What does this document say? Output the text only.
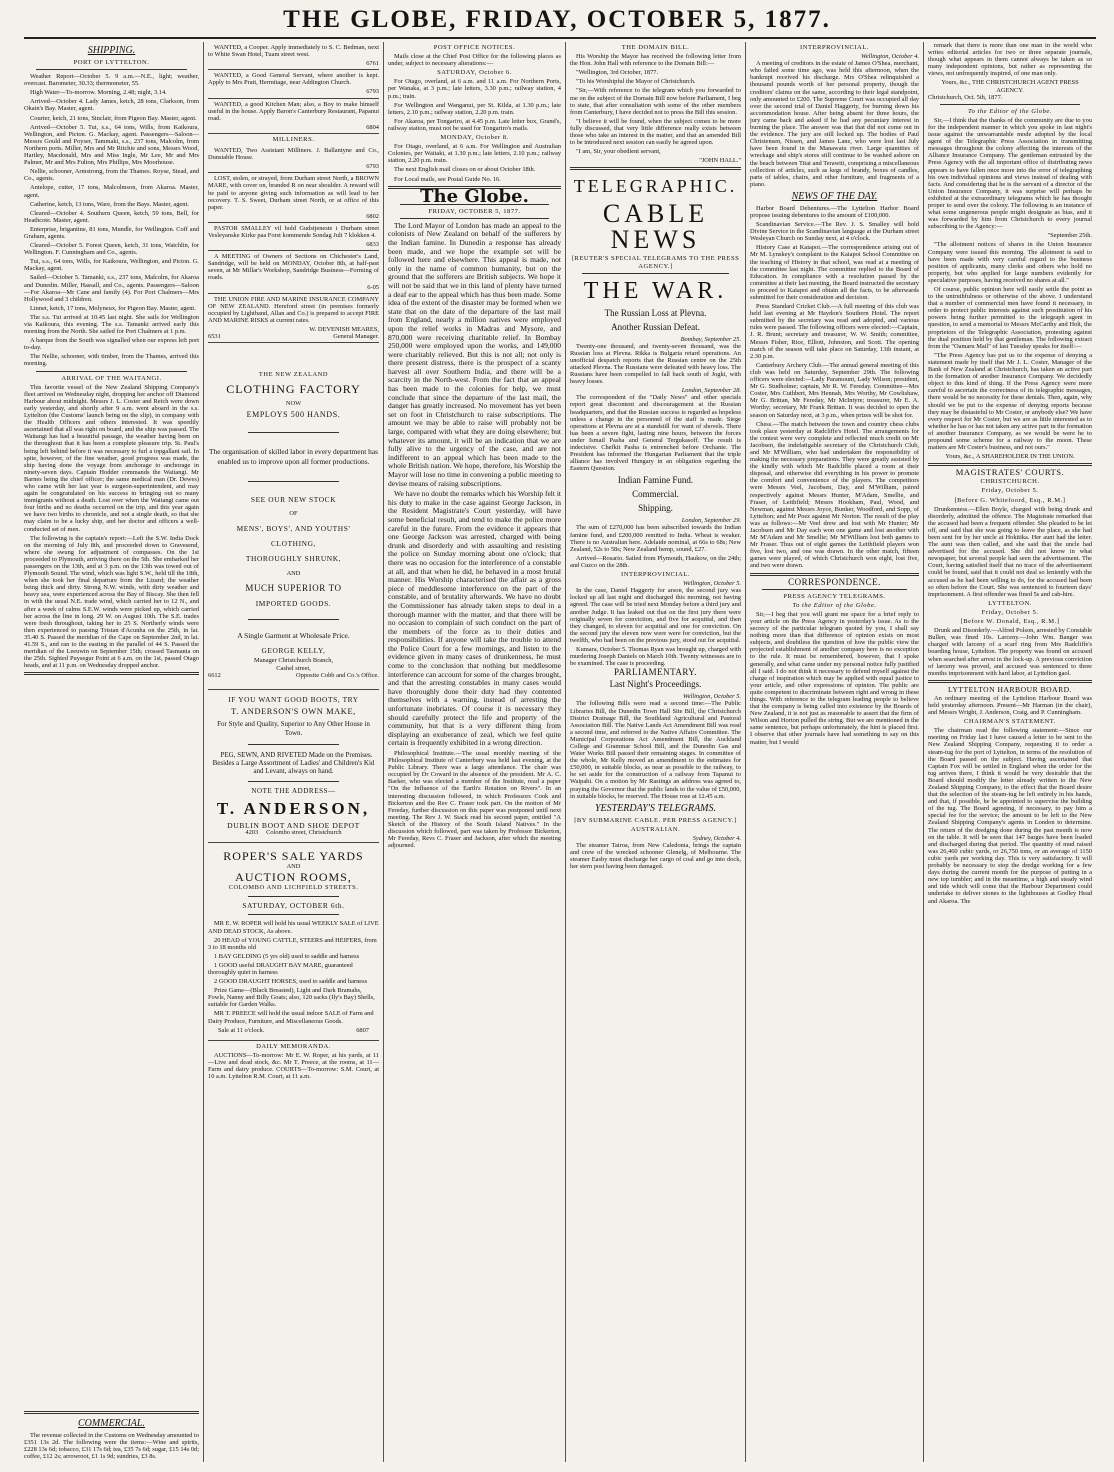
THE GLOBE, FRIDAY, OCTOBER 5, 1877.
SHIPPING.
PORT OF LYTTELTON.

Weather Report—October 5. 9 a.m.—N.E., light; weather, overcast. Barometer, 30.33; thermometer, 55.

High Water—To-morrow. Morning, 2.48; night, 3.14.

Arrived—October 4. Lady James, ketch, 28 tons, Clarkson, from Okain's Bay. Master, agent.

Courier, ketch, 21 tons, Sinclair, from Pigeon Bay. Master, agent.

Arrived—October 5. Tui, s.s., 64 tons, Wills, from Kaikoura, Wellington, and Picton. G. Mackay, agent. Passengers—Saloon—Messrs Gould and Poyser, Tammaki, s.s., 237 tons, Malcolm, from Northern ports. Miller, Mrs and Mr Ritchie and sons, Messrs Wood, Hartley, Macdonald, Mrs and Miss Ingle, Mr Lee, Mr and Mrs Palmer, Mr and Mrs Fulton, Mrs Phillips, Mrs Moorhouse.

Nellie, schooner, Armstrong, from the Thames. Royse, Stead, and Co., agents.

Antelope, cutter, 17 tons, Malcolmson, from Akaroa. Master, agent.

Catherine, ketch, 13 tons, Ware, from the Bays. Master, agent.

Cleared—October 4. Southern Queen, ketch, 59 tons, Bell, for Heathcote. Master, agent.

Enterprise, brigantine, 81 tons, Mundle, for Wellington. Coff and Graham, agents.

Cleared—October 5. Forest Queen, ketch, 31 tons, Watchlin, for Wellington. F. Cunningham and Co., agents.

Tui, s.s., 64 tons, Wills, for Kaikoura, Wellington, and Picton. G. Mackay, agent.

Sailed—October 5. Tamanki, s.s., 237 tons, Malcolm, for Akaroa and Dunedin. Miller, Hassall, and Co., agents. Passengers—Saloon—For Akaroa—Mr Cane and family (4). For Port Chalmers—Mrs Hollywood and 3 children.

Linnet, ketch, 17 tons, Molyneux, for Pigeon Bay. Master, agent.

The s.s. Tui arrived at 10.45 last night. She sails for Wellington via Kaikoura, this evening. The s.s. Tamanki arrived early this morning from the North. She sailed for Port Chalmers at 1 p.m.

A barque from the South was signalled when our express left port to-day.

The Nellie, schooner, with timber, from the Thames, arrived this morning.

ARRIVAL OF THE WAITANGI.

This favorite vessel of the New Zealand Shipping Company's fleet arrived on Wednesday night, dropping her anchor off Diamond Harbour about midnight. Messrs J. L. Coster and Reich were down early yesterday, and shortly after 9 a.m. went aboard in the s.s. Lyttelton (the Customs' launch being on the slip), in company with the Health Officers and others interested. It was speedily ascertained that all was right on board, and the ship was passed. The Waitangi has had a beautiful passage, the weather having been on the throughout that it has been a complete pleasure trip. St. Paul's being left behind before it was necessary to furl a topgallant sail. In spite, however, of the fine weather, good progress was made, the ship having done the voyage from anchorage to anchorage in ninety-seven days. Captain Hodder commands the Waitangi. Mr Barnes being the chief officer; the same medical man (Dr. Dewes) who came with her last year is surgeon-superintendent, and may again be congratulated on his success in bringing out so many immigrants without a death. Lost over when the Waitangi came out four births and no deaths occurred on the trip, and this year again we have two births to chronicle, and not a single death, so that she may claim to be a lucky ship, and her doctor and officers a well-conducted set of men.

The following is the captain's report:—Left the S.W. India Dock on the morning of July 8th, and proceeded down to Gravesend, where she swung for adjustment of compasses. On the 1st proceeded to Plymouth, arriving there on the 5th. She embarked her passengers on the 13th, and at 3 p.m. on the 13th was towed out of Plymouth Sound. The wind, which was light S.W., held till the 18th, when she took her final departure from the Lizard; the weather being thick and dirty. Strong N.W. winds, with dirty weather and heavy sea, were experienced across the Bay of Biscay. She then fell in with the usual N.E. trade wind, which carried her to 12 N., and after a week of calms S.E.W. winds were picked up, which carried her across the line in long. 29 W. on August 10th. The S.E. trades were fresh throughout, taking her to 25 S. Northerly winds were then experienced to passing Tristan d'Acunha on the 25th, in lat. 35.40 S. Passed the meridian of the Cape on September 2nd, in lat. 41.59 S., and ran to the easting in the parallel of 44 S. Passed the meridian of the Leeuwin on September 15th; crossed Tasmania on the 25th. Sighted Puysegur Point at 6 a.m. on the 1st, passed Otago heads, and at 11 p.m. on Wednesday dropped anchor.

COMMERCIAL.

The revenue collected in the Customs on Wednesday amounted to £351 13s 2d. The following were the items:—Wine and spirits, £228 13s 6d; tobacco, £31 17s 6d; tea, £35 7s 6d; sugar, £15 14s 0d; coffee, £12 2s; arrowroot, £1 1s 9d; sundries, £3 8s.

WANTED, a Cooper. Apply immediately to S. C. Bedman, next to White Swan Hotel, Tuam street west.

6761

WANTED, a Good General Servant, where another is kept. Apply to Mrs Pratt, Hermitage, near Addington Church.

6793

WANTED, a good Kitchen Man; also, a Boy to make himself useful in the house. Apply Baron's Canterbury Restaurant, Papanui road.

6804
MILLINERS.

WANTED, Two Assistant Milliners. J. Ballantyne and Co., Dunstable House.

6793

LOST, stolen, or strayed, from Durham street North, a BROWN MARE, with cover on, branded R on near shoulder. A reward will be paid to anyone giving such information as will lead to her recovery. T. S. Sweet, Durham street North, or at office of this paper.

6802

PASTOR SMALLEY vil hold Gudstjeneste i Durham street Vesleyanske Kirke paa Forst kommende Sondag Juli 7 klokken 4.

6833

A MEETING of Owners of Sections on Chichester's Land, Sandridge, will be held on MONDAY, October 8th, at half-past seven, at Mr Millar's Workshop, Sandridge Business—Forming of roads.

6-05

THE UNION FIRE AND MARINE INSURANCE COMPANY OF NEW ZEALAND. Hereford street (in premises formerly occupied by Lightband, Allan and Co.) is prepared to accept FIRE AND MARINE RISKS at current rates.

W. DEVENISH MEARES,
6531	General Manager.
THE NEW ZEALAND
CLOTHING FACTORY
NOW
EMPLOYS 500 HANDS.

The organisation of skilled labor in every department has enabled us to improve upon all former productions.

SEE OUR NEW STOCK
OF
MENS', BOYS', AND YOUTHS'
CLOTHING,
THOROUGHLY SHRUNK,
AND
MUCH SUPERIOR TO
IMPORTED GOODS.
A Single Garment at Wholesale Price.
GEORGE KELLY,
Manager Christchurch Branch,
Cashel street,
6612	Opposite Cobb and Co.'s Office.
IF YOU WANT GOOD BOOTS, TRY
T. ANDERSON'S OWN MAKE,

For Style and Quality, Superior to Any Other House in Town.

PEG, SEWN, AND RIVETED Made on the Premises. Besides a Large Assortment of Ladies' and Children's Kid and Levant, always on hand.

NOTE THE ADDRESS—
T. ANDERSON,
DUBLIN BOOT AND SHOE DEPOT
4203 Colombo street, Christchurch
ROPER'S SALE YARDS
AND
AUCTION ROOMS,
COLOMBO AND LICHFIELD STREETS.
SATURDAY, OCTOBER 6th.

MR E. W. ROPER will hold his usual WEEKLY SALE of LIVE AND DEAD STOCK, As above.

20 HEAD of YOUNG CATTLE, STEERS and HEIFERS, from 3 to 18 months old

1 BAY GELDING (5 yrs old) used to saddle and harness

1 GOOD useful DRAUGHT BAY MARE, guaranteed thoroughly quiet in harness

2 GOOD DRAUGHT HORSES, used to saddle and harness

Prize Game—(Black Breasted), Light and Dark Bramahs, Fowls, Nanny and Billy Goats; also, 120 sacks (Ily's Bay) Shells, suitable for Garden Walks.

MR T. PREECE will hold the usual indoor SALE of Farm and Dairy Produce, Furniture, and Miscellaneous Goods.

Sale at 11 o'clock.	6807
DAILY MEMORANDA.

AUCTIONS—To-morrow: Mr E. W. Roper, at his yards, at 11—Live and dead stock, &c. Mr T. Preece, at the rooms, at 11—Farm and dairy produce. COURTS—To-morrow: S.M. Court, at 10 a.m. Lyttelton R.M. Court, at 11 a.m.

POST OFFICE NOTICES.

Mails close at the Chief Post Office for the following places as under, subject to necessary alterations:—

SATURDAY, October 6.

For Otago, overland, at 6 a.m. and 11 a.m. For Northern Ports, per Wanaka, at 3 p.m.; late letters, 3.30 p.m.; railway station, 4 p.m.; train.

For Wellington and Wanganui, per St. Kilda, at 1.30 p.m.; late letters, 2.10 p.m.; railway station, 2.20 p.m. train.

For Akaroa, per Tongariro, at 4.45 p.m. Late letter box, Grand's, railway station, must not be used for Tongariro's mails.

MONDAY, October 8.

For Otago, overland, at 6 a.m. For Wellington and Australian Colonies, per Waitaki, at 1.30 p.m.; late letters, 2.10 p.m.; railway station, 2.20 p.m. train.

The next English mail closes on or about October 18th.

For Local mails, see Postal Guide No. 16.

The Globe.
FRIDAY, OCTOBER 5, 1877.

The Lord Mayor of London has made an appeal to the colonists of New Zealand on behalf of the sufferers by the Indian famine. In Dunedin a response has already been made, and we hope the example set will be followed here and elsewhere. This appeal is made, not only in the name of common humanity, but on the ground that the sufferers are British subjects. We hope it will not be said that we in this land of plenty have turned a deaf ear to the appeal which has thus been made. Some idea of the extent of the disaster may be formed when we state that on the date of the departure of the last mail from England, nearly a million natives were employed upon the relief works in Madras and Mysore, and 870,000 were receiving charitable relief. In Bombay 250,000 were employed upon the works, and 149,000 were charitably relieved. But this is not all; not only is there present distress, there is the prospect of a scanty harvest all over Southern India, and there will be a scarcity in the North-west. From the fact that an appeal has been made to the colonies for help, we must conclude that since the departure of the last mail, the danger has greatly increased. No movement has yet been set on foot in Christchurch to raise subscriptions. The amount we may be able to raise will probably not be large, compared with what they are doing elsewhere; but whatever its amount, it will be an indication that we are fully alive to the urgency of the case, and are not indifferent to an appeal which has been made to the whole British nation. We hope, therefore, his Worship the Mayor will lose no time in convening a public meeting to devise means of raising subscriptions.

We have no doubt the remarks which his Worship felt it his duty to make in the case against George Jackson, in the Resident Magistrate's Court yesterday, will have some beneficial result, and tend to make the police more careful in the future. From the evidence it appears that one George Jackson was arrested, charged with being drunk and disorderly and with assaulting and resisting the police on Sunday morning about one o'clock; that there was no occasion for the interference of a constable at all, and that when he did, he behaved in a most brutal manner. His Worship characterised the affair as a gross piece of meddlesome interference on the part of the constable, and of brutality afterwards. We have no doubt the Commissioner has already taken steps to deal in a thorough manner with the matter, and that there will be no occasion to complain of such conduct on the part of the members of the force as to their duties and responsibilities. If anyone will take the trouble to attend the Police Court for a few mornings, and listen to the evidence given in many cases of drunkenness, he must come to the conclusion that nothing but meddlesome interference can account for some of the charges brought, and that the arresting constables in many cases would have thoroughly done their duty had they contented themselves with a warning, instead of arresting the unfortunate inebriates. Of course it is necessary they should carefully protect the life and property of the community, but that is a very different thing from displaying an exuberance of zeal, which we feel quite certain is frequently exhibited in a wrong direction.

Philosophical Institute.—The usual monthly meeting of the Philosophical Institute of Canterbury was held last evening, at the Public Library. There was a large attendance. The chair was occupied by Dr Coward in the absence of the president. Mr A. C. Barker, who was elected a member of the Institute, read a paper "On the Influence of the Earth's Rotation on Rivers". In an interesting discussion followed, in which Professors Cook and Bickerton and the Rev C. Fraser took part. On the motion of Mr Fereday, further discussion on this paper was postponed until next meeting. The Rev J. W. Stack read his second paper, entitled "A Sketch of the History of the South Island Natives." In the discussion which followed, part was taken by Professor Bickerton, Mr Fereday, Revs C. Fraser and Jackson, after which the meeting adjourned.

THE DOMAIN BILL.

His Worship the Mayor has received the following letter from the Hon. John Hall with reference to the Domain Bill:—

"Wellington, 3rd October, 1877.

"To his Worshipful the Mayor of Christchurch.

"Sir,—With reference to the telegram which you forwarded to me on the subject of the Domain Bill now before Parliament, I beg to state, that after consultation with some of the other members from Canterbury, I have decided not to press the Bill this session.

"I believe it will be found, when the subject comes to be more fully discussed, that very little difference really exists between those who take an interest in the matter, and that an amended Bill to be introduced next session can easily be agreed upon.

"I am, Sir, your obedient servant,

"JOHN HALL."
TELEGRAPHIC.
CABLE NEWS
[REUTER'S SPECIAL TELEGRAMS TO THE PRESS AGENCY.]
THE WAR.
The Russian Loss at Plevna.
Another Russian Defeat.
Bombay, September 25.

Twenty-one thousand, and twenty-seven thousand, was the Russian loss at Plevna. Rikka is Bulgaria retard operations. An unofficial despatch reports that the Russian centre on the 25th attacked Plevna. The Russians were defeated with heavy loss. The Russians have been compelled to fall back south of Jogki, with heavy losses.

London, September 28.

The correspondent of the "Daily News" and other specials report great discontent and discouragement at the Russian headquarters, and that the Russian success is regarded as hopeless unless a change in the personnel of the staff is made. Siege operations at Plevna are at a standstill for want of shovels. There has been a severe fight, lasting nine hours, between the forces under Ismail Pasha and General Tergukasoff. The result is indecisive. Chefkit Pasha is entrenched before Orchanie. The President has informed the Hungarian Parliament that the triple alliance has involved Hungary in an obligation regarding the Eastern Question.

Indian Famine Fund.
Commercial.
Shipping.
London, September 29.

The sum of £270,000 has been subscribed towards the Indian famine fund, and £200,000 remitted to India. Wheat is weaker. There is no Australian here. Adelaide nominal, at 66s to 68s; New Zealand, 52s to 58s; New Zealand hemp, sound, £27.

Arrived—Rosario. Sailed from Plymouth, Haukow, on the 24th; and Cuzco on the 28th.

INTERPROVINCIAL.
Wellington, October 5.

In the case, Daniel Haggerty for arson, the second jury was locked up all last night and discharged this morning, not having agreed. The case will be tried next Monday before a third jury and another Judge. It has leaked out that on the first jury there were originally seven for conviction, and five for acquittal, and then they changed, to eleven for acquittal and one for conviction. On the second jury the eleven now were were for conviction, but the twelfth, who had been on the previous jury, stood out for acquittal.

Kumara, October 5. Thomas Ryan was brought up, charged with murdering Joseph Daniels on March 10th. Twenty witnesses are to be examined. The case is proceeding.

PARLIAMENTARY.
Last Night's Proceedings.
Wellington, October 5.

The following Bills were read a second time:—The Public Libraries Bill, the Dunedin Town Hall Site Bill, the Christchurch District Drainage Bill, the Southland Agricultural and Pastoral Association Bill. The Native Lands Act Amendment Bill was read a second time, and referred to the Native Affairs Committee. The Municipal Corporations Act Amendment Bill, the Auckland College and Grammar School Bill, and the Dunedin Gas and Water Works Bill passed their remaining stages. In committee of the whole, Mr Kelly moved an amendment to the estimates for £50,000, in suitable blocks, as near as possible to the railway, to be set aside for the construction of a railway from Tapanui to Waipahi. On a motion by Mr Rastings an address was agreed to, praying the Governor that the public lands to the value of £50,000, in suitable blocks, be reserved. The House rose at 12.45 a.m.

YESTERDAY'S TELEGRAMS.
[BY SUBMARINE CABLE. PER PRESS AGENCY.]
AUSTRALIAN.
Sydney, October 4.

The steamer Tairoa, from New Caledonia, brings the captain and crew of the wrecked schooner Glenelg, of Melbourne. The steamer Easby must discharge her cargo of coal and go into dock, her stern post having been damaged.

INTERPROVINCIAL.
Wellington, October 4.

A meeting of creditors in the estate of James O'Shea, merchant, who failed some time ago, was held this afternoon, when the bankrupt received his discharge. Mrs O'Shea relinquished a thousand pounds worth of her personal property, though the creditors' claims on the same, according to their legal standpoint, only amounted to £200. The Supreme Court was occupied all day over the second trial of Daniel Haggerty, for burning down his accommodation house. After being absent for three hours, the jury came back and asked if he had any pecuniary interest in burning the place. The answer was that that did not come out in the evidence. The jury are still locked up. The bodies of Paul Christensen, Nissen, and James Lane, who were lost last July have been found in the Manawatu river. Large quantities of wreckage and ship's stores still continue to be washed ashore on the beach between Titai and Terawiti, comprising a miscellaneous collection of articles, such as kegs of brandy, boxes of candles, parts of tables, chairs, and other furniture, and fragments of a piano.

NEWS OF THE DAY.

Harbor Board Debentures.—The Lyttelton Harbor Board propose issuing debentures to the amount of £100,000.

Scandinavian Service.—The Rev. J. S. Smalley will hold Divine Service in the Scandinavian language at the Durham street Wesleyan Church on Sunday next, at 4 o'clock.

History Case at Kaiapoi.—The correspondence arising out of Mr M. Lynskey's complaint to the Kaiapoi School Committee on the teaching of History in that school, was read at a meeting of the committee last night. The committee replied to the Board of Education. In compliance with a resolution passed by the committee at their last meeting, the Board instructed the secretary to proceed to Kaiapoi and obtain all the facts, to be afterwards submitted for their consideration and decision.

Press Standard Cricket Club.—A full meeting of this club was held last evening at Mr Haydon's Southern Hotel. The report submitted by the secretary was read and adopted, and various rules were passed. The following officers were elected:—Captain, J. R. Brunt; secretary and treasurer, W. W. Smith; committee, Messrs Fisher, Rice, Elliott, Johnston, and Scott. The opening match of the season will take place on Saturday, 13th instant, at 2.30 p.m.

Canterbury Archery Club.—The annual general meeting of this club was held on Saturday, September 29th. The following officers were elected:—Lady Paramount, Lady Wilson; president, Mr G. Studholme; captain, Mr R. W. Fereday. Committee—Mrs Coster, Mrs Cuthbert, Mrs Hennah, Mrs Worthy, Mr Cowlishaw, Mr G. Brittan, Mr Fereday, Mr McIntyre; treasurer, Mr E. A. Worthy; secretary, Mr Frank Brittan. It was decided to open the season on Saturday next, at 3 p.m., when prizes will be shot for.

Chess.—The match between the town and country chess clubs took place yesterday at Radcliffe's Hotel. The arrangements for the contest were very complete and reflected much credit on Mr Jacobsen, the indefatigable secretary of the Christchurch Club, and Mr M'William, who had undertaken the responsibility of making the necessary preparations. They were greatly assisted by the kindly with which Mr Radcliffe placed a room at their disposal, and otherwise did everything in his power to promote the comfort and convenience of the players. The competitors were Messrs Veel, Jacobsen, Day, and M'William, paired respectively against Messrs Hunter, M'Adam, Smellie, and Fraser, of Leithfield; Messrs Hookham, Paul, Wood, and Newman, against Messrs Joyce, Bunker, Woodford, and Sopp, of Lyttelton; and Mr Poez against Mr Norton. The result of the play was as follows:—Mr Veel drew and lost with Mr Hunter; Mr Jacobsen and Mr Day each won one game and lost another with Mr M'Adam and Mr Smellie; Mr M'William lost both games to Mr Fraser. Thus out of eight games the Leithfield players won five, lost two, and one was drawn. In the other match, fifteen games were played, of which Christchurch won eight, lost five, and two were drawn.

CORRESPONDENCE.
PRESS AGENCY TELEGRAMS.
To the Editor of the Globe.

Sir,—I beg that you will grant me space for a brief reply to your article on the Press Agency in yesterday's issue. As to the secrecy of the particular telegram quoted by you, I shall say nothing more than that difference of opinion exists on most subjects, and doubtless the question of how the public view the projected establishment of another company here is no exception to the rule. It must be remembered, however, that I spoke generally, and what came under my personal notice fully justified all I said. I do not think it necessary to defend myself against the charge of inspiration which may be applied with equal justice to your article, and other expressions of opinion. The public are quite competent to discriminate between right and wrong in these things. With reference to the telegram leading people to believe that the company is being called into existence by the Boards of New Zealand, it is not just as reasonable to assert that the firm of Wilson and Horton pulled the string. But we are mentioned in the same sentence, but perhaps unfortunately, the hint is placed first. I observe that other journals have had something to say on this matter, but I would

remark that there is more than one man in the world who writes editorial articles for two or three separate journals, though what appears in them cannot always be taken as so many independent opinions, but rather as representing the views, not unfrequently inspired, of one man only.

Yours, &c., THE CHRISTCHURCH AGENT PRESS AGENCY.
Christchurch, Oct. 5th, 1877.
To the Editor of the Globe.

Sir,—I think that the thanks of the community are due to you for the independent manner in which you spoke in last night's issue against the unwarrantable mode adopted by the local agent of the Telegraphic Press Association in transmitting messages throughout the colony affecting the interests of the Alliance Insurance Company. The gentleman entrusted by the Press Agency with the all important office of distributing news appears to have fallen once more into the error of telegraphing his own individual opinions and views instead of dealing with facts. And considering that he is the servant of a director of the Union Insurance Company, it was surprise will perhaps be exhibited at the extraordinary telegrams which he has thought proper to send over the colony. The following is an instance of what some ungenerous people might designate as bias, and it was forwarded by him from Christchurch to every journal subscribing to the Agency:—

"September 25th.

"The allotment notices of shares in the Union Insurance Company were issued this morning. The allotment is said to have been made with very careful regard to the business position of applicants, many clerks and others who hold no property, but who applied for large numbers evidently for speculative purposes, having received no shares at all."

Of course, public opinion here will easily settle the point as to the untruthfulness or otherwise of the above. I understand that a number of commercial men have found it necessary, in order to protect public interests against such prostitution of his powers being further permitted to the telegraph agent in question, to send a memorial to Messrs McCarthy and Holt, the proprietors of the Telegraphic Association, protesting against the dual position held by that gentleman. The following extract from the "Oamaru Mail" of last Tuesday speaks for itself:—

"The Press Agency has put us to the expense of denying a statement made by itself that Mr J. L. Coster, Manager of the Bank of New Zealand at Christchurch, has taken an active part in the formation of another Insurance Company. We decidedly object to this kind of thing. If the Press Agency were more careful to ascertain the correctness of its telegraphic messages, there would be no necessity for these denials. Then, again, why should we be put to the expense of denying reports because they may be distasteful to Mr Coster, or anybody else? We have every respect for Mr Coster, but we are as little interested as to whether he has or has not taken any active part in the formation of another Insurance Company, as we would be were he to propound some scheme for a railway to the moon. These matters are Mr Coster's business, and not ours."

Yours, &c., A SHAREHOLDER IN THE UNION.
MAGISTRATES' COURTS.
CHRISTCHURCH.
Friday, October 5.
[Before G. Whitefoord, Esq., R.M.]

Drunkenness.—Ellen Boyle, charged with being drunk and disorderly, admitted the offence. The Magistrate remarked that the accused had been a frequent offender. She pleaded to be let off, and said that she was going to leave the place, as she had been sent for by her uncle at Hokitika. Her aunt had the letter. The aunt was then called, and she said that the uncle had advertised for the accused. She did not know in what newspaper, but several people had seen the advertisement. The Court, having satisfied itself that no trace of the advertisement could be found, said that it could not deal so leniently with the accused as he had been willing to do, for the accused had been so often before the Court. She was sentenced to fourteen days' imprisonment. A first offender was fined 5s and cab-hire.

LYTTELTON.
Friday, October 5.
[Before W. Donald, Esq., R.M.]

Drunk and Disorderly.—Alfred Polson, arrested by Constable Bullen, was fined 10s. Larceny.—John Wm. Banger was charged with larceny of a scarf ring from Mrs Radcliffe's boarding house, Lyttelton. The property was found on accused when searched after arrest in the lock-up. A previous conviction of larceny was proved, and accused was sentenced to three months imprisonment with hard labor, at Lyttelton gaol.

LYTTELTON HARBOUR BOARD.

An ordinary meeting of the Lyttelton Harbour Board was held yesterday afternoon. Present—Mr Harman (in the chair), and Messrs Wright, J. Anderson, Craig, and P. Cunningham.

CHAIRMAN'S STATEMENT.

The chairman read the following statement:—Since our meeting on Friday last I have caused a letter to be sent to the New Zealand Shipping Company, requesting it to order a steam-tug for the port of Lyttelton, in terms of the resolution of the Board passed on the subject. Having ascertained that Captain Fox will be settled in England when the order for the tug arrives there, I think it would be very desirable that the Board should modify the letter already written to the New Zealand Shipping Company, to the effect that the Board desire that the selection of the steam-tug be left entirely in his hands, and that, if possible, he be appointed to supervise the building of the tug. The Board agreeing, if necessary, to pay him a special fee for the service; the amount to be left to the New Zealand Shipping Company's agents in London to determine. The return of the dredging done during the past month is now on the table. It will be seen that 147 barges have been loaded and discharged during that period. The quantity of mud raised was 26,460 cubic yards, or 26,750 tons, or an average of 1150 cubic yards per working day. This is very satisfactory. It will probably be necessary to stop the dredge working for a few days during the current month for the purpose of putting in a new top tumbler; and in the meantime, a high and steady wind and tide which will come that the Harbour Department could undertake to deliver stones to the lighthouses at Godley Head and Akaroa. The
